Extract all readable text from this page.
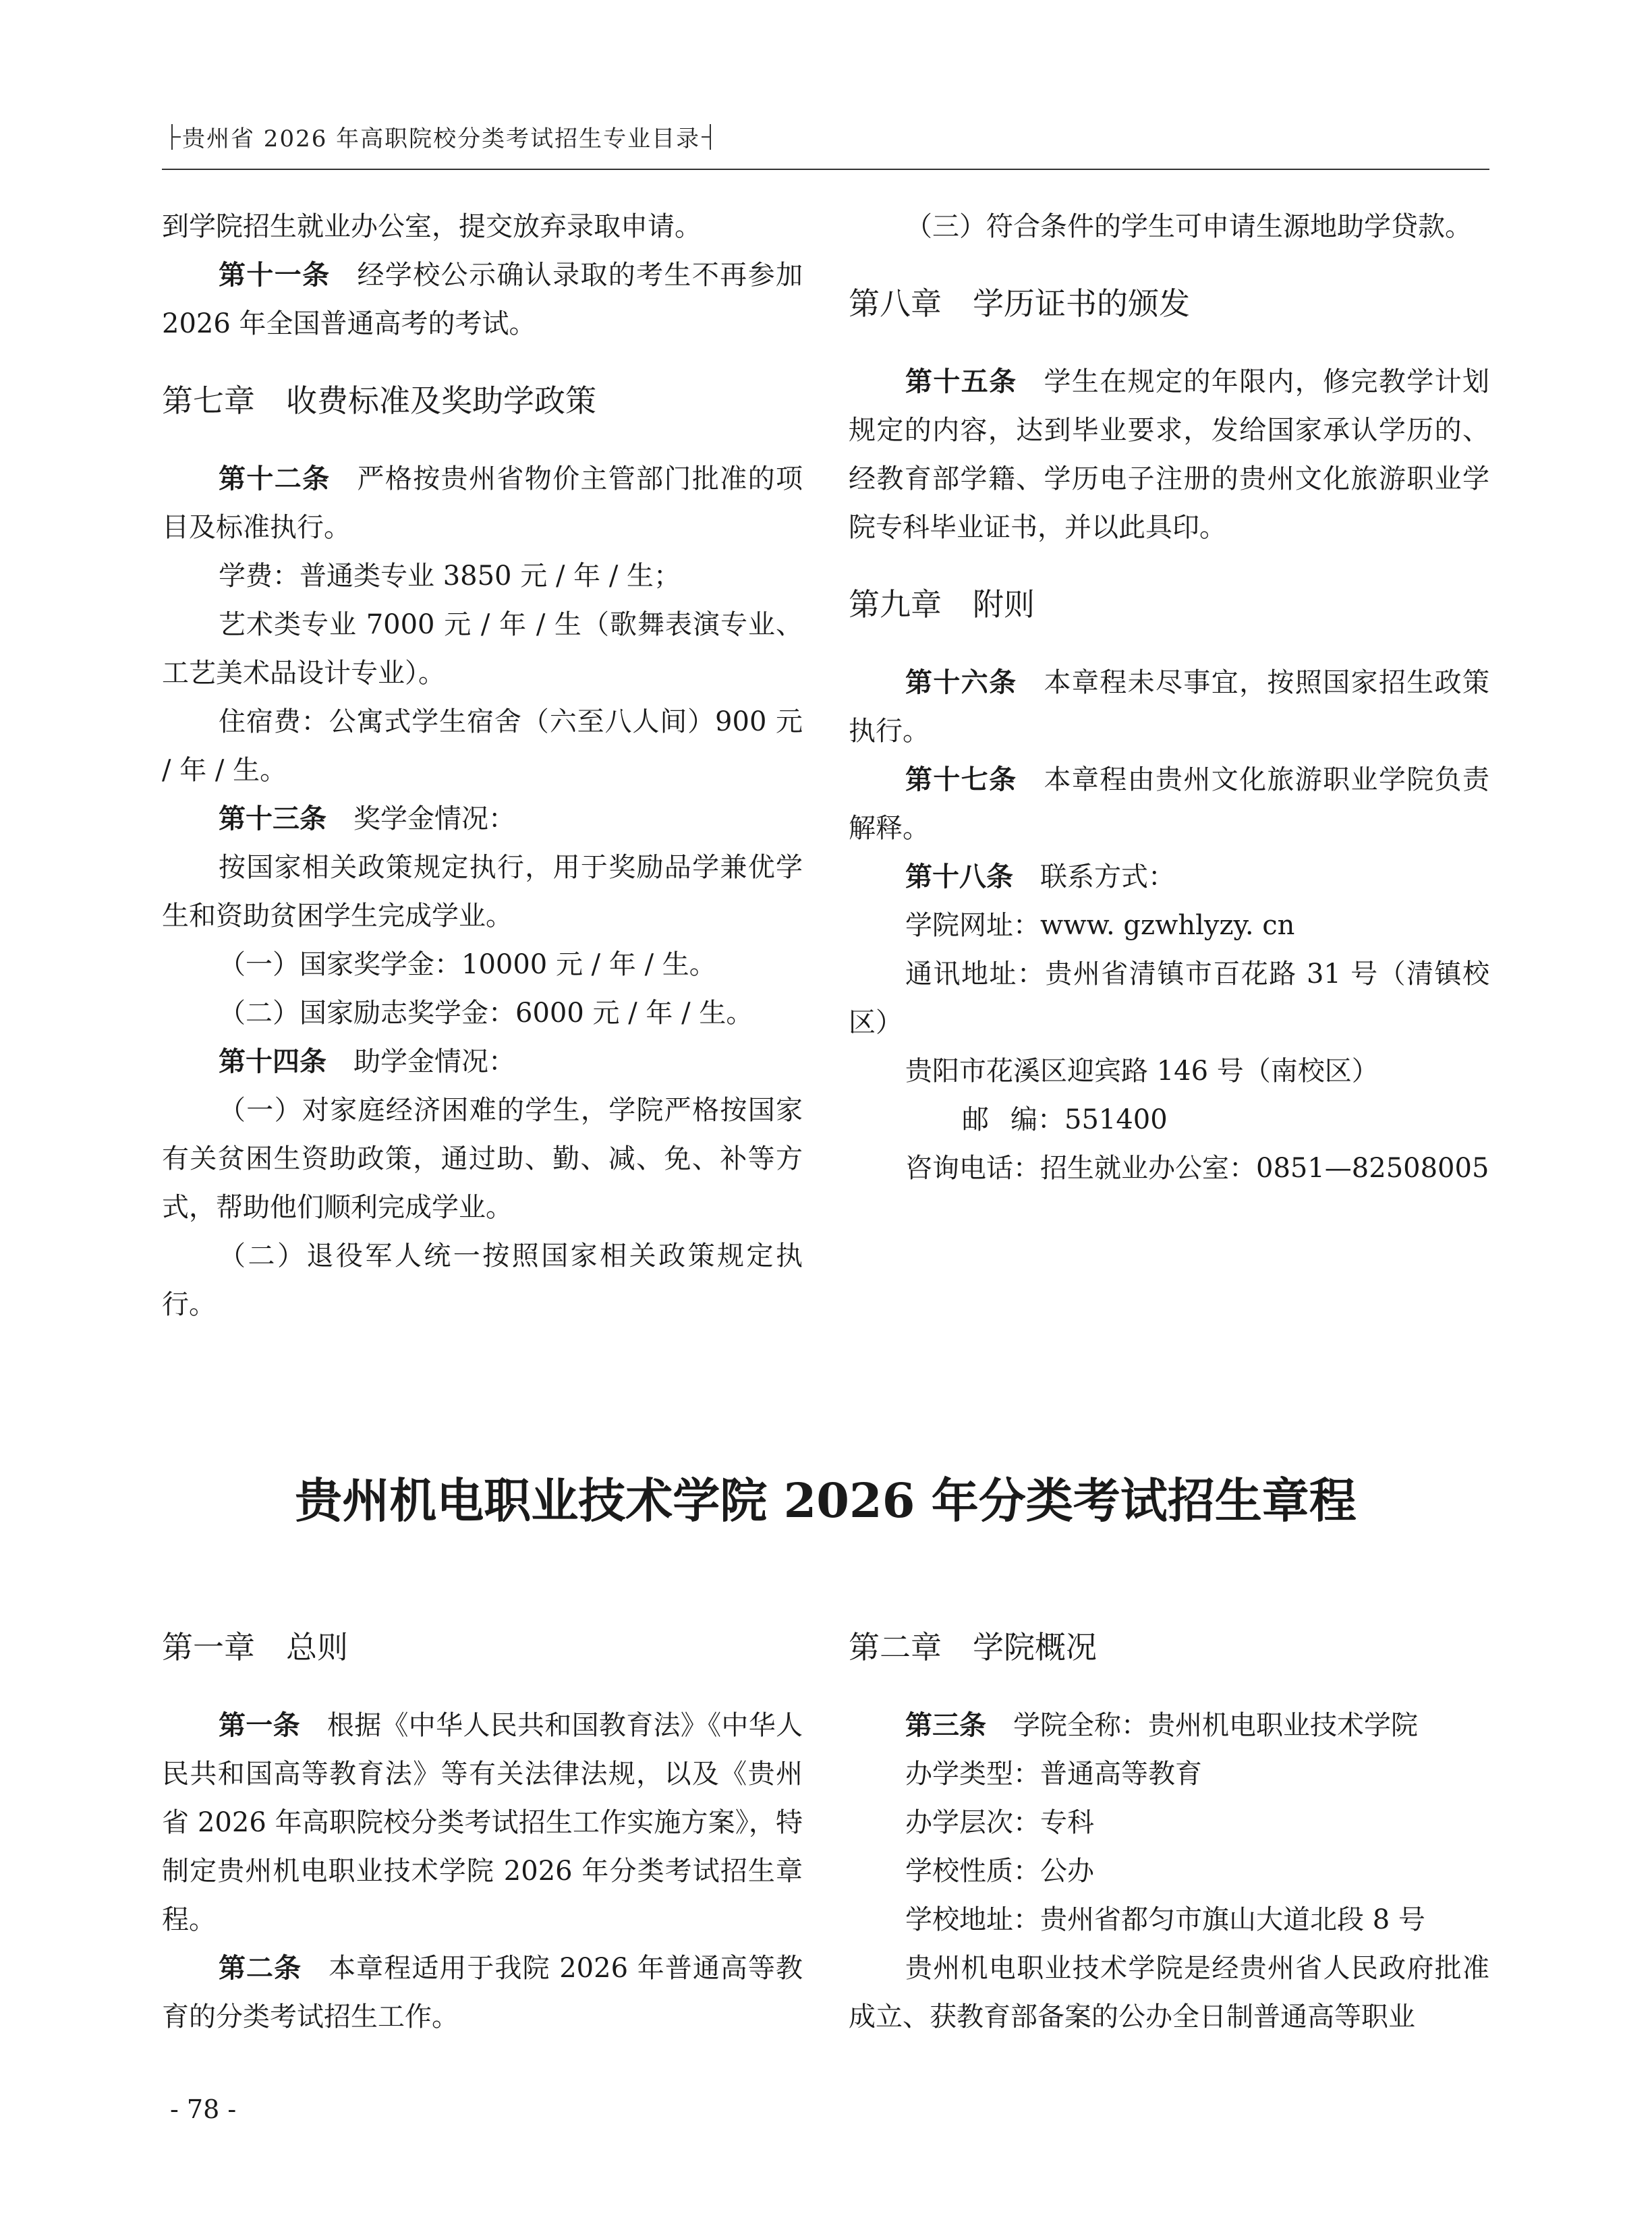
贵州省 2026 年高职院校分类考试招生专业目录

到学院招生就业办公室，提交放弃录取申请。

第十一条 经学校公示确认录取的考生不再参加 2026 年全国普通高考的考试。

第七章 收费标准及奖助学政策

第十二条 严格按贵州省物价主管部门批准的项目及标准执行。

学费：普通类专业 3850 元 / 年 / 生；

艺术类专业 7000 元 / 年 / 生（歌舞表演专业、工艺美术品设计专业）。

住宿费：公寓式学生宿舍（六至八人间）900 元 / 年 / 生。

第十三条 奖学金情况：

按国家相关政策规定执行，用于奖励品学兼优学生和资助贫困学生完成学业。

（一）国家奖学金：10000 元 / 年 / 生。

（二）国家励志奖学金：6000 元 / 年 / 生。

第十四条 助学金情况：

（一）对家庭经济困难的学生，学院严格按国家有关贫困生资助政策，通过助、勤、减、免、补等方式，帮助他们顺利完成学业。

（二）退役军人统一按照国家相关政策规定执行。

（三）符合条件的学生可申请生源地助学贷款。

第八章 学历证书的颁发

第十五条 学生在规定的年限内，修完教学计划规定的内容，达到毕业要求，发给国家承认学历的、经教育部学籍、学历电子注册的贵州文化旅游职业学院专科毕业证书，并以此具印。

第九章 附则

第十六条 本章程未尽事宜，按照国家招生政策执行。

第十七条 本章程由贵州文化旅游职业学院负责解释。

第十八条 联系方式：

学院网址：www. gzwhlyzy. cn

通讯地址：贵州省清镇市百花路 31 号（清镇校区）

贵阳市花溪区迎宾路 146 号（南校区）

邮编：551400

咨询电话：招生就业办公室：0851—82508005

贵州机电职业技术学院 2026 年分类考试招生章程

第一章 总则

第一条 根据《中华人民共和国教育法》《中华人民共和国高等教育法》等有关法律法规，以及《贵州省 2026 年高职院校分类考试招生工作实施方案》，特制定贵州机电职业技术学院 2026 年分类考试招生章程。

第二条 本章程适用于我院 2026 年普通高等教育的分类考试招生工作。

第二章 学院概况

第三条 学院全称：贵州机电职业技术学院

办学类型：普通高等教育

办学层次：专科

学校性质：公办

学校地址：贵州省都匀市旗山大道北段 8 号

贵州机电职业技术学院是经贵州省人民政府批准成立、获教育部备案的公办全日制普通高等职业

- 78 -
